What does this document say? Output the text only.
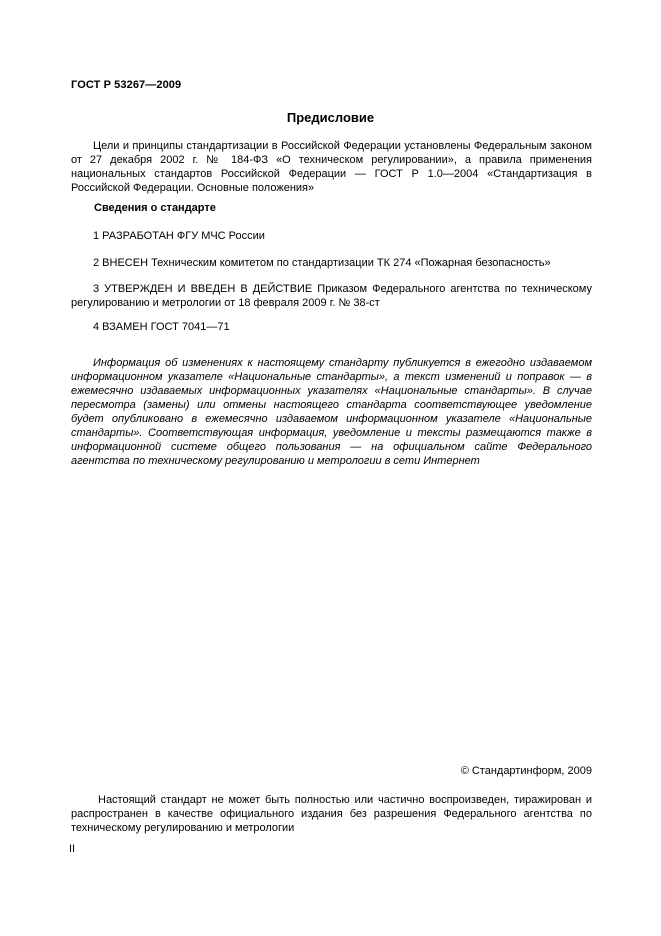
ГОСТ Р 53267—2009
Предисловие

Цели и принципы стандартизации в Российской Федерации установлены Федеральным законом от 27 декабря 2002 г. № 184-ФЗ «О техническом регулировании», а правила применения национальных стандартов Российской Федерации — ГОСТ Р 1.0—2004 «Стандартизация в Российской Федерации. Основные положения»

Сведения о стандарте

1 РАЗРАБОТАН ФГУ МЧС России

2 ВНЕСЕН Техническим комитетом по стандартизации ТК 274 «Пожарная безопасность»

3 УТВЕРЖДЕН И ВВЕДЕН В ДЕЙСТВИЕ Приказом Федерального агентства по техническому регулированию и метрологии от 18 февраля 2009 г. № 38-ст

4 ВЗАМЕН ГОСТ 7041—71

Информация об изменениях к настоящему стандарту публикуется в ежегодно издаваемом информационном указателе «Национальные стандарты», а текст изменений и поправок — в ежемесячно издаваемых информационных указателях «Национальные стандарты». В случае пересмотра (замены) или отмены настоящего стандарта соответствующее уведомление будет опубликовано в ежемесячно издаваемом информационном указателе «Национальные стандарты». Соответствующая информация, уведомление и тексты размещаются также в информационной системе общего пользования — на официальном сайте Федерального агентства по техническому регулированию и метрологии в сети Интернет

© Стандартинформ, 2009

Настоящий стандарт не может быть полностью или частично воспроизведен, тиражирован и распространен в качестве официального издания без разрешения Федерального агентства по техническому регулированию и метрологии

II
